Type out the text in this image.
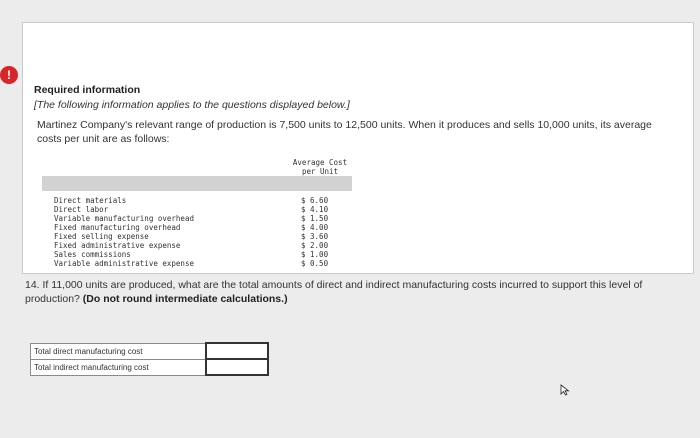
!
Required information
[The following information applies to the questions displayed below.]
Martinez Company's relevant range of production is 7,500 units to 12,500 units. When it produces and sells 10,000 units, its average costs per unit are as follows:
Average Cost
per Unit
Direct materials	$ 6.60
Direct labor	$ 4.10
Variable manufacturing overhead	$ 1.50
Fixed manufacturing overhead	$ 4.00
Fixed selling expense	$ 3.60
Fixed administrative expense	$ 2.00
Sales commissions	$ 1.00
Variable administrative expense	$ 0.50
14. If 11,000 units are produced, what are the total amounts of direct and indirect manufacturing costs incurred to support this level of production? (Do not round intermediate calculations.)
Total direct manufacturing cost	
Total indirect manufacturing cost	
